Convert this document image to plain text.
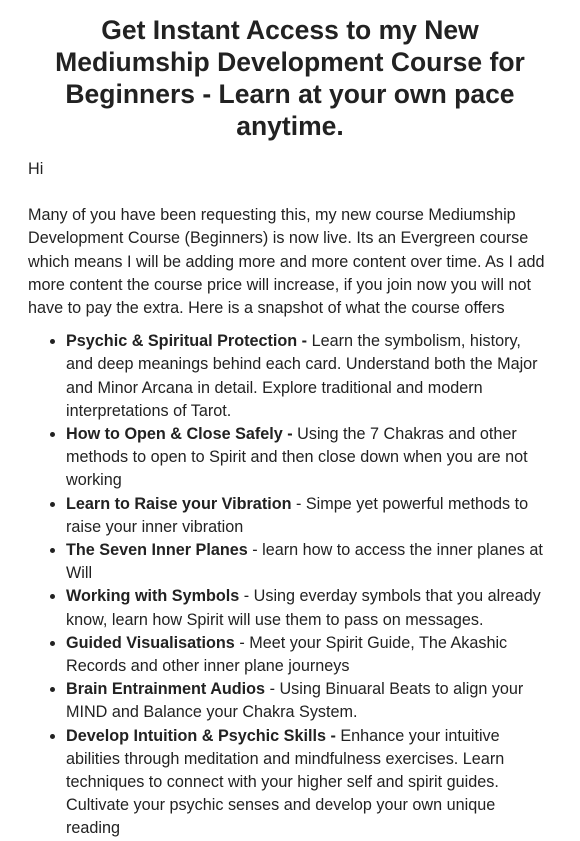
Get Instant Access to my New Mediumship Development Course for Beginners - Learn at your own pace anytime.

Hi

Many of you have been requesting this, my new course Mediumship Development Course (Beginners) is now live. Its an Evergreen course which means I will be adding more and more content over time. As I add more content the course price will increase, if you join now you will not have to pay the extra. Here is a snapshot of what the course offers

• Psychic & Spiritual Protection - Learn the symbolism, history, and deep meanings behind each card. Understand both the Major and Minor Arcana in detail. Explore traditional and modern interpretations of Tarot.
• How to Open & Close Safely - Using the 7 Chakras and other methods to open to Spirit and then close down when you are not working
• Learn to Raise your Vibration - Simpe yet powerful methods to raise your inner vibration
• The Seven Inner Planes - learn how to access the inner planes at Will
• Working with Symbols - Using everday symbols that you already know, learn how Spirit will use them to pass on messages.
• Guided Visualisations - Meet your Spirit Guide, The Akashic Records and other inner plane journeys
• Brain Entrainment Audios - Using Binuaral Beats to align your MIND and Balance your Chakra System.
• Develop Intuition & Psychic Skills - Enhance your intuitive abilities through meditation and mindfulness exercises. Learn techniques to connect with your higher self and spirit guides.
Cultivate your psychic senses and develop your own unique reading
